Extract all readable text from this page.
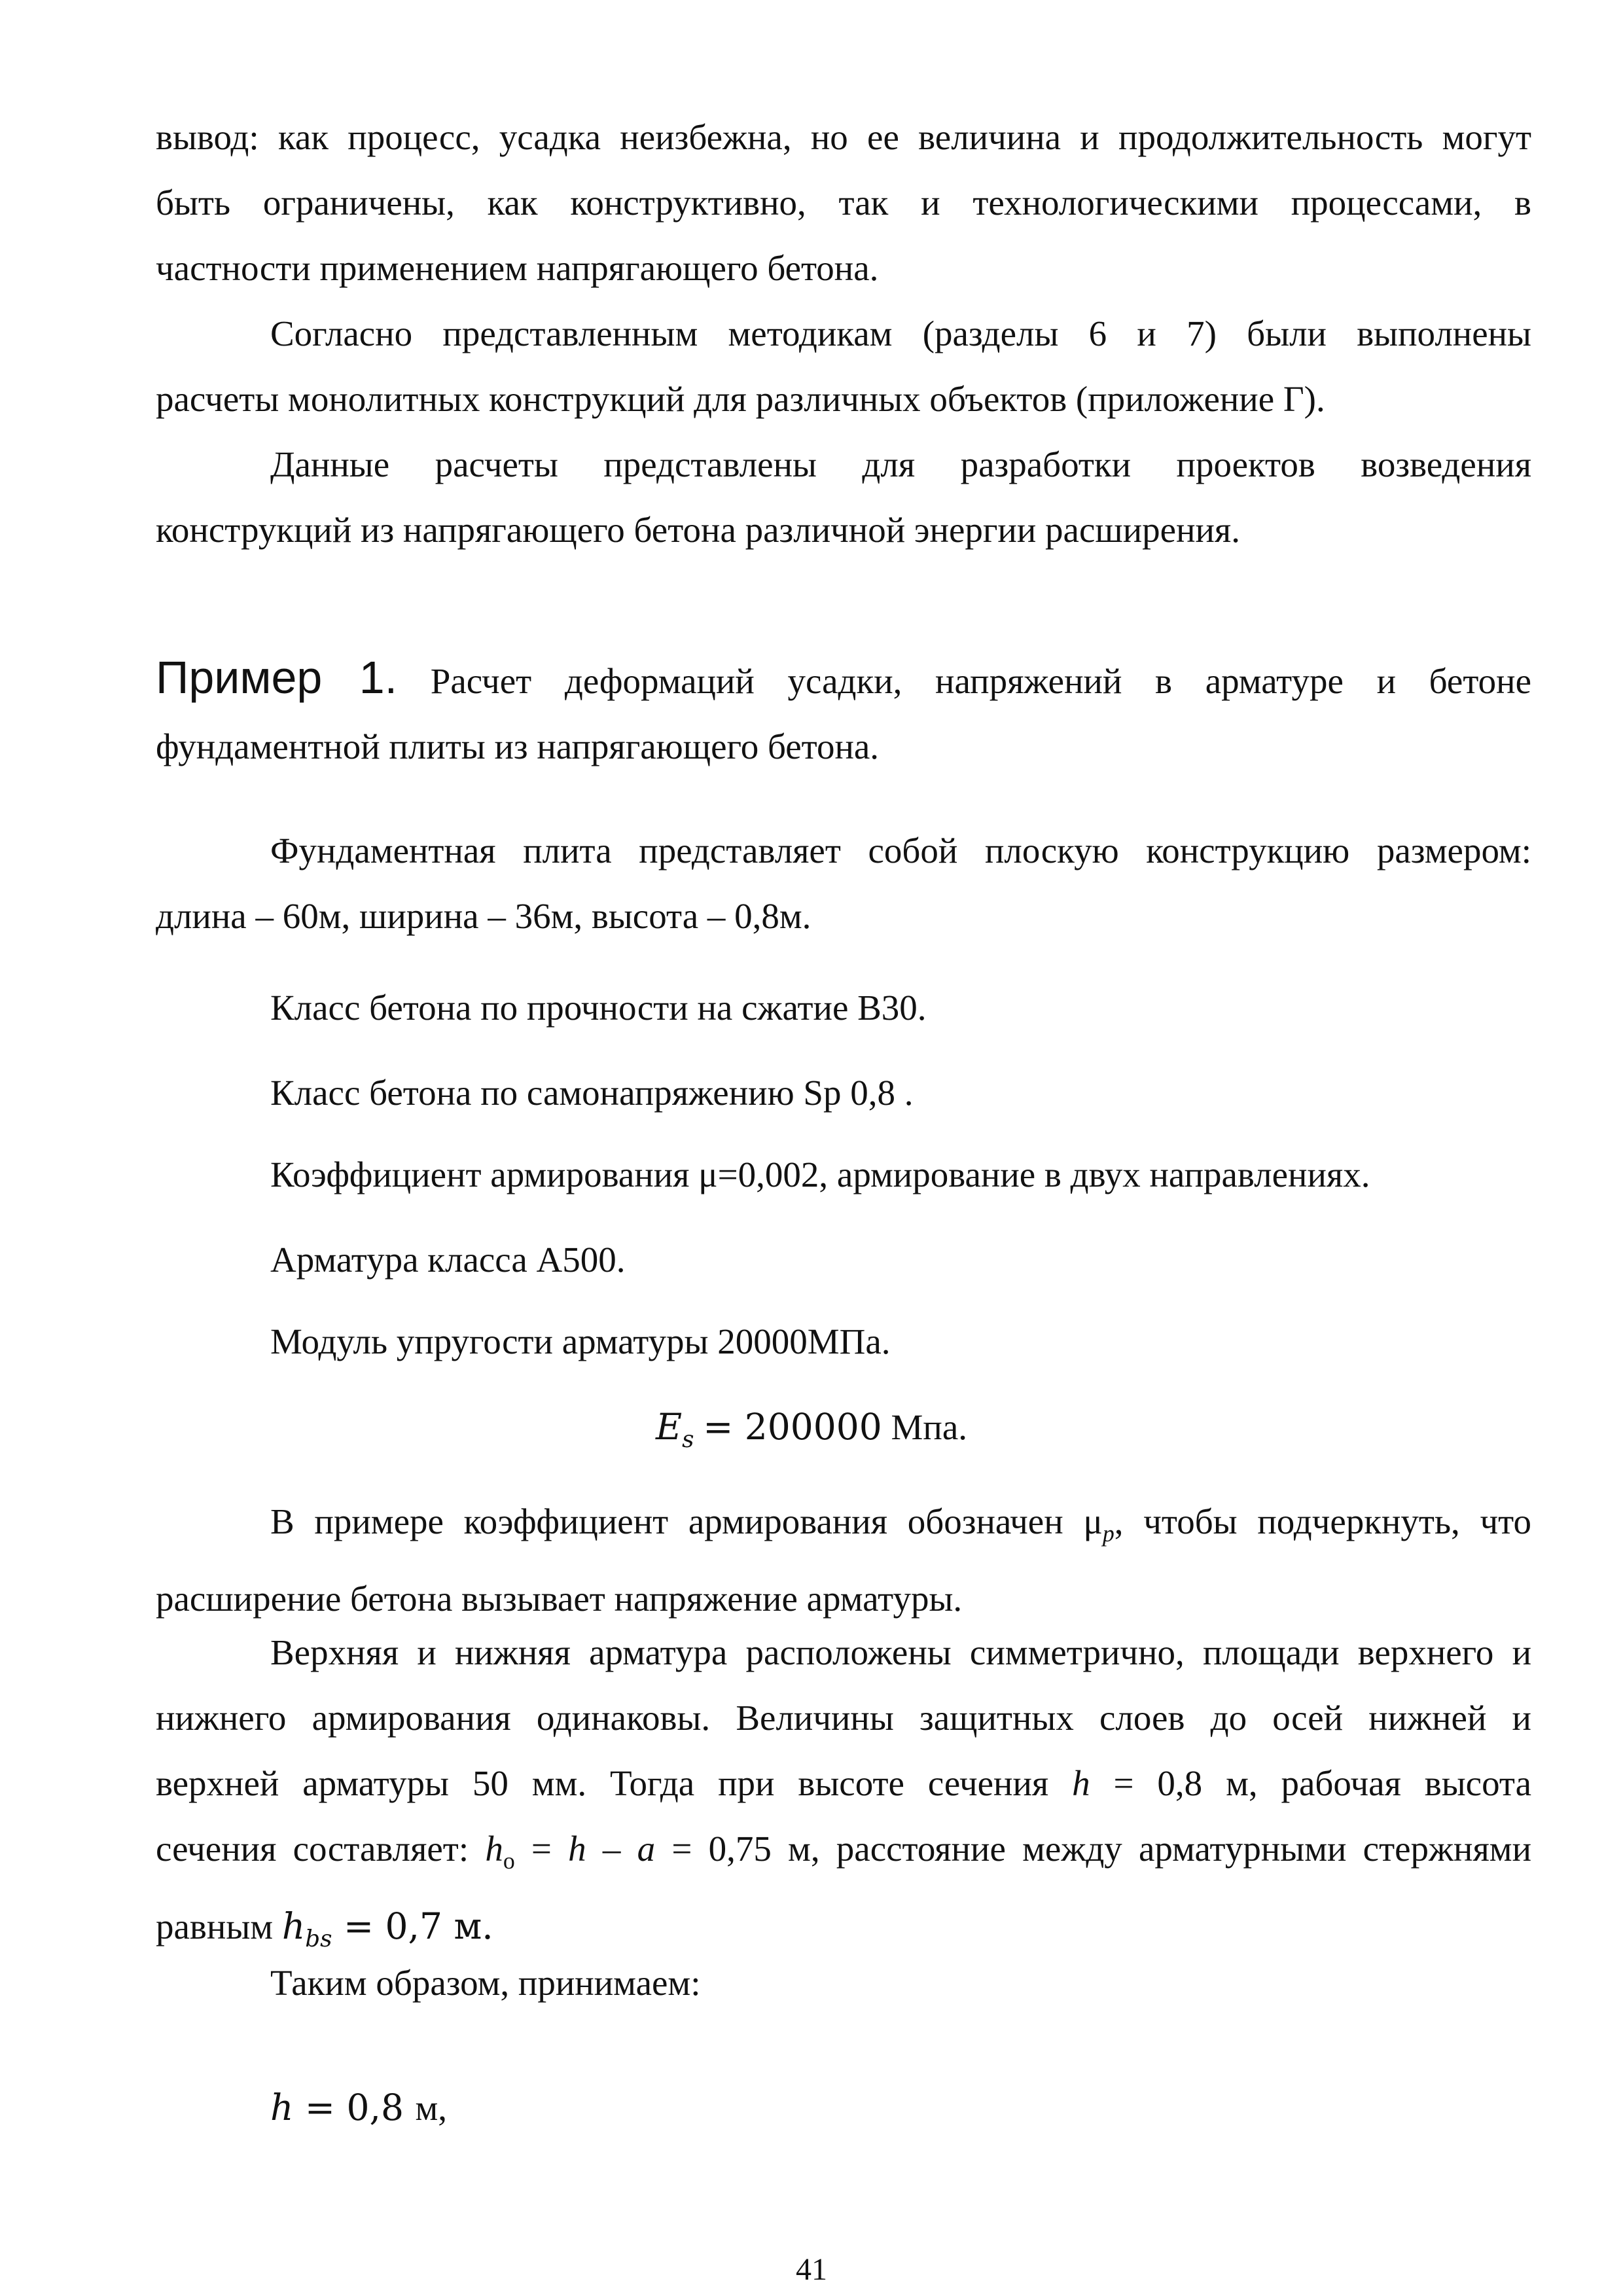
вывод: как процесс, усадка неизбежна, но ее величина и продолжительность могут
быть ограничены, как конструктивно, так и технологическими процессами, в
частности применением напрягающего бетона.

Согласно представленным методикам (разделы 6 и 7) были выполнены
расчеты монолитных конструкций для различных объектов (приложение Г).

Данные расчеты представлены для разработки проектов возведения
конструкций из напрягающего бетона различной энергии расширения.

Пример 1. Расчет деформаций усадки, напряжений в арматуре и бетоне
фундаментной плиты из напрягающего бетона.

Фундаментная плита представляет собой плоскую конструкцию размером:
длина – 60м, ширина – 36м, высота – 0,8м.

Класс бетона по прочности на сжатие В30.

Класс бетона по самонапряжению Sp 0,8 .

Коэффициент армирования μ=0,002, армирование в двух направлениях.

Арматура класса А500.

Модуль упругости арматуры 20000МПа.

$E_s = 200000$ Мпа.

В примере коэффициент армирования обозначен $\mu_p$, чтобы подчеркнуть, что
расширение бетона вызывает напряжение арматуры.

Верхняя и нижняя арматура расположены симметрично, площади верхнего и
нижнего армирования одинаковы. Величины защитных слоев до осей нижней и
верхней арматуры 50 мм. Тогда при высоте сечения h = 0,8 м, рабочая высота
сечения составляет: $h_o = h - a = 0,75$ м, расстояние между арматурными стержнями
равным $h_{bs} = 0,7$ м.

Таким образом, принимаем:

h = 0,8 м,

41
